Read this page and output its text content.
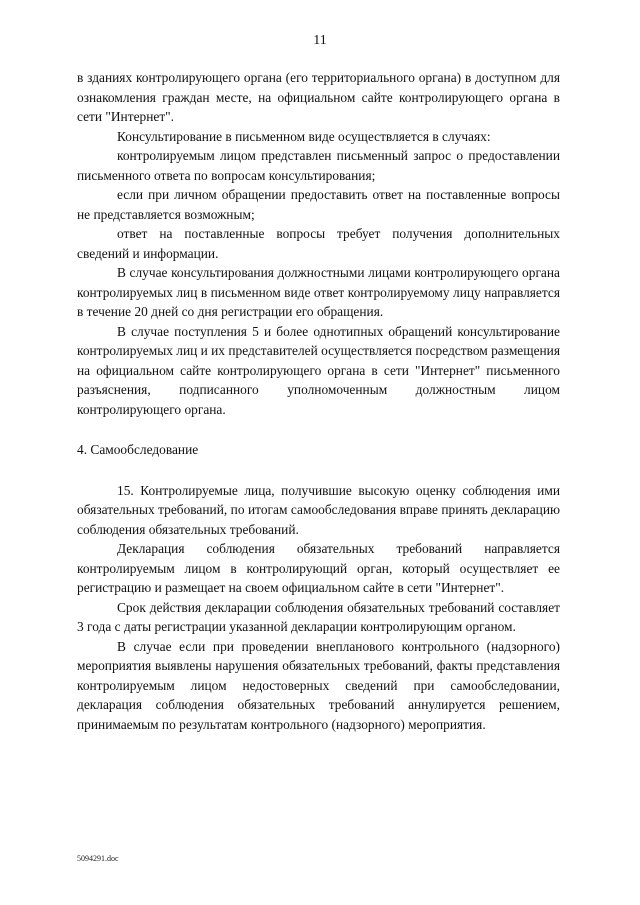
11

в зданиях контролирующего органа (его территориального органа) в доступном для ознакомления граждан месте, на официальном сайте контролирующего органа в сети "Интернет".

Консультирование в письменном виде осуществляется в случаях:

контролируемым лицом представлен письменный запрос о предоставлении письменного ответа по вопросам консультирования;

если при личном обращении предоставить ответ на поставленные вопросы не представляется возможным;

ответ на поставленные вопросы требует получения дополнительных сведений и информации.

В случае консультирования должностными лицами контролирующего органа контролируемых лиц в письменном виде ответ контролируемому лицу направляется в течение 20 дней со дня регистрации его обращения.

В случае поступления 5 и более однотипных обращений консультирование контролируемых лиц и их представителей осуществляется посредством размещения на официальном сайте контролирующего органа в сети "Интернет" письменного разъяснения, подписанного уполномоченным должностным лицом контролирующего органа.

4. Самообследование

15. Контролируемые лица, получившие высокую оценку соблюдения ими обязательных требований, по итогам самообследования вправе принять декларацию соблюдения обязательных требований.

Декларация соблюдения обязательных требований направляется контролируемым лицом в контролирующий орган, который осуществляет ее регистрацию и размещает на своем официальном сайте в сети "Интернет".

Срок действия декларации соблюдения обязательных требований составляет 3 года с даты регистрации указанной декларации контролирующим органом.

В случае если при проведении внепланового контрольного (надзорного) мероприятия выявлены нарушения обязательных требований, факты представления контролируемым лицом недостоверных сведений при самообследовании, декларация соблюдения обязательных требований аннулируется решением, принимаемым по результатам контрольного (надзорного) мероприятия.

5094291.doc
